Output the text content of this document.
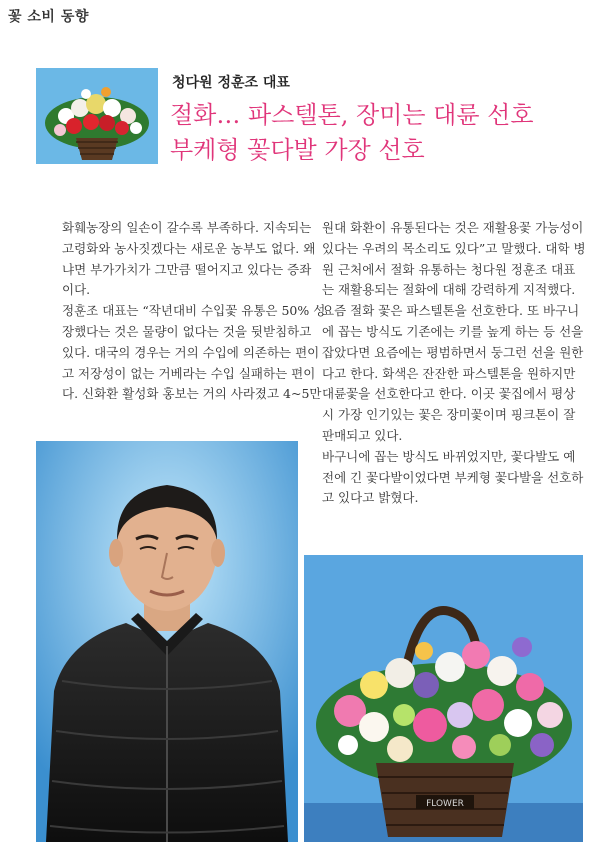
꽃 소비 동향
청다원 정훈조 대표
절화… 파스텔톤, 장미는 대륜 선호
부케형 꽃다발 가장 선호

화훼농장의 일손이 갈수록 부족하다. 지속되는
고령화와 농사짓겠다는 새로운 농부도 없다. 왜
냐면 부가가치가 그만큼 떨어지고 있다는 증좌
이다.

정훈조 대표는 “작년대비 수입꽃 유통은 50% 성
장했다는 것은 물량이 없다는 것을 뒷받침하고
있다. 대국의 경우는 거의 수입에 의존하는 편이
고 저장성이 없는 거베라는 수입 실패하는 편이
다. 신화환 활성화 홍보는 거의 사라졌고 4~5만

원대 화환이 유통된다는 것은 재활용꽃 가능성이
있다는 우려의 목소리도 있다”고 말했다. 대학 병
원 근처에서 절화 유통하는 청다원 정훈조 대표
는 재활용되는 절화에 대해 강력하게 지적했다.

요즘 절화 꽃은 파스텔톤을 선호한다. 또 바구니
에 꼽는 방식도 기존에는 키를 높게 하는 등 선을
잡았다면 요즘에는 평범하면서 둥그런 선을 원한
다고 한다. 화색은 잔잔한 파스텔톤을 원하지만
대륜꽃을 선호한다고 한다. 이곳 꽃집에서 평상
시 가장 인기있는 꽃은 장미꽃이며 핑크톤이 잘
판매되고 있다.

바구니에 꼽는 방식도 바뀌었지만, 꽃다발도 예
전에 긴 꽃다발이었다면 부케형 꽃다발을 선호하
고 있다고 밝혔다.

FLOWER
